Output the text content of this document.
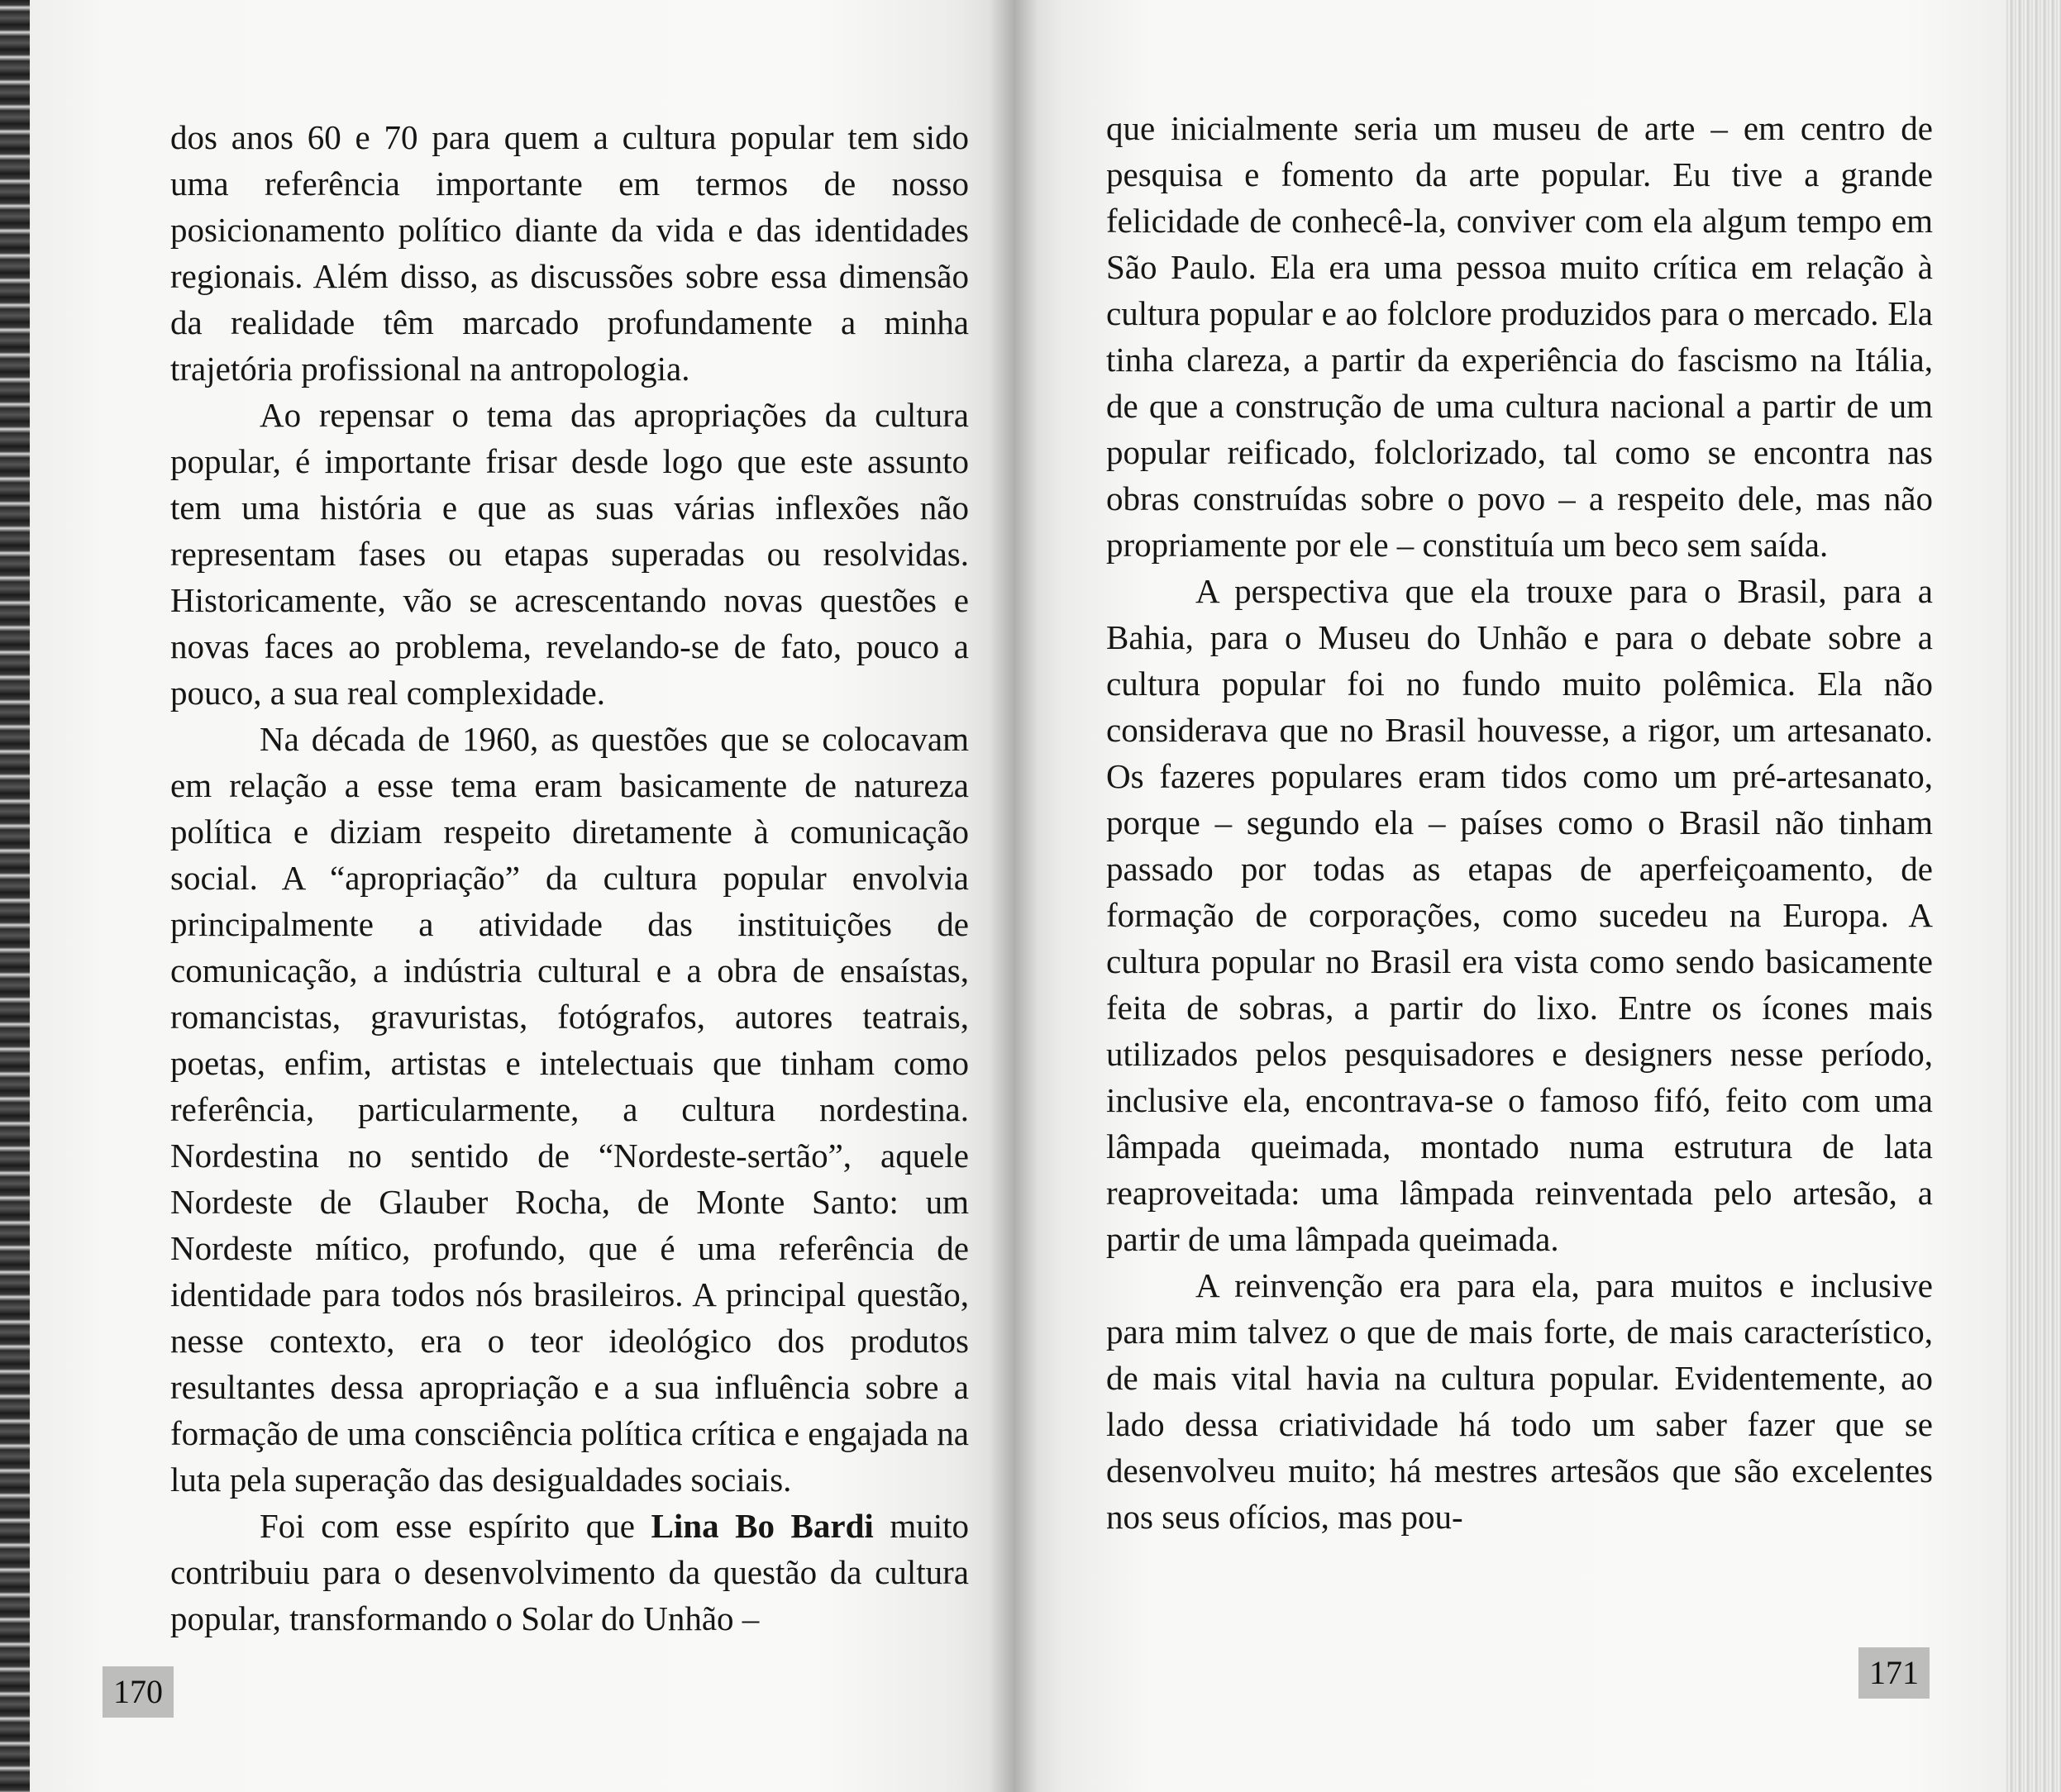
dos anos 60 e 70 para quem a cultura popular tem sido uma referência importante em termos de nosso posicionamento político diante da vida e das identidades regionais. Além disso, as discussões sobre essa dimensão da realidade têm marcado profundamente a minha trajetória profissional na antropologia.

Ao repensar o tema das apropriações da cultura popular, é importante frisar desde logo que este assunto tem uma história e que as suas várias inflexões não representam fases ou etapas superadas ou resolvidas. Historicamente, vão se acrescentando novas questões e novas faces ao problema, revelando-se de fato, pouco a pouco, a sua real complexidade.

Na década de 1960, as questões que se colocavam em relação a esse tema eram basicamente de natureza política e diziam respeito diretamente à comunicação social. A “apropriação” da cultura popular envolvia principalmente a atividade das instituições de comunicação, a indústria cultural e a obra de ensaístas, romancistas, gravuristas, fotógrafos, autores teatrais, poetas, enfim, artistas e intelectuais que tinham como referência, particularmente, a cultura nordestina. Nordestina no sentido de “Nordeste-sertão”, aquele Nordeste de Glauber Rocha, de Monte Santo: um Nordeste mítico, profundo, que é uma referência de identidade para todos nós brasileiros. A principal questão, nesse contexto, era o teor ideológico dos produtos resultantes dessa apropriação e a sua influência sobre a formação de uma consciência política crítica e engajada na luta pela superação das desigualdades sociais.

Foi com esse espírito que Lina Bo Bardi muito contribuiu para o desenvolvimento da questão da cultura popular, transformando o Solar do Unhão –

170

que inicialmente seria um museu de arte – em centro de pesquisa e fomento da arte popular. Eu tive a grande felicidade de conhecê-la, conviver com ela algum tempo em São Paulo. Ela era uma pessoa muito crítica em relação à cultura popular e ao folclore produzidos para o mercado. Ela tinha clareza, a partir da experiência do fascismo na Itália, de que a construção de uma cultura nacional a partir de um popular reificado, folclorizado, tal como se encontra nas obras construídas sobre o povo – a respeito dele, mas não propriamente por ele – constituía um beco sem saída.

A perspectiva que ela trouxe para o Brasil, para a Bahia, para o Museu do Unhão e para o debate sobre a cultura popular foi no fundo muito polêmica. Ela não considerava que no Brasil houvesse, a rigor, um artesanato. Os fazeres populares eram tidos como um pré-artesanato, porque – segundo ela – países como o Brasil não tinham passado por todas as etapas de aperfeiçoamento, de formação de corporações, como sucedeu na Europa. A cultura popular no Brasil era vista como sendo basicamente feita de sobras, a partir do lixo. Entre os ícones mais utilizados pelos pesquisadores e designers nesse período, inclusive ela, encontrava-se o famoso fifó, feito com uma lâmpada queimada, montado numa estrutura de lata reaproveitada: uma lâmpada reinventada pelo artesão, a partir de uma lâmpada queimada.

A reinvenção era para ela, para muitos e inclusive para mim talvez o que de mais forte, de mais característico, de mais vital havia na cultura popular. Evidentemente, ao lado dessa criatividade há todo um saber fazer que se desenvolveu muito; há mestres artesãos que são excelentes nos seus ofícios, mas pou-

171
